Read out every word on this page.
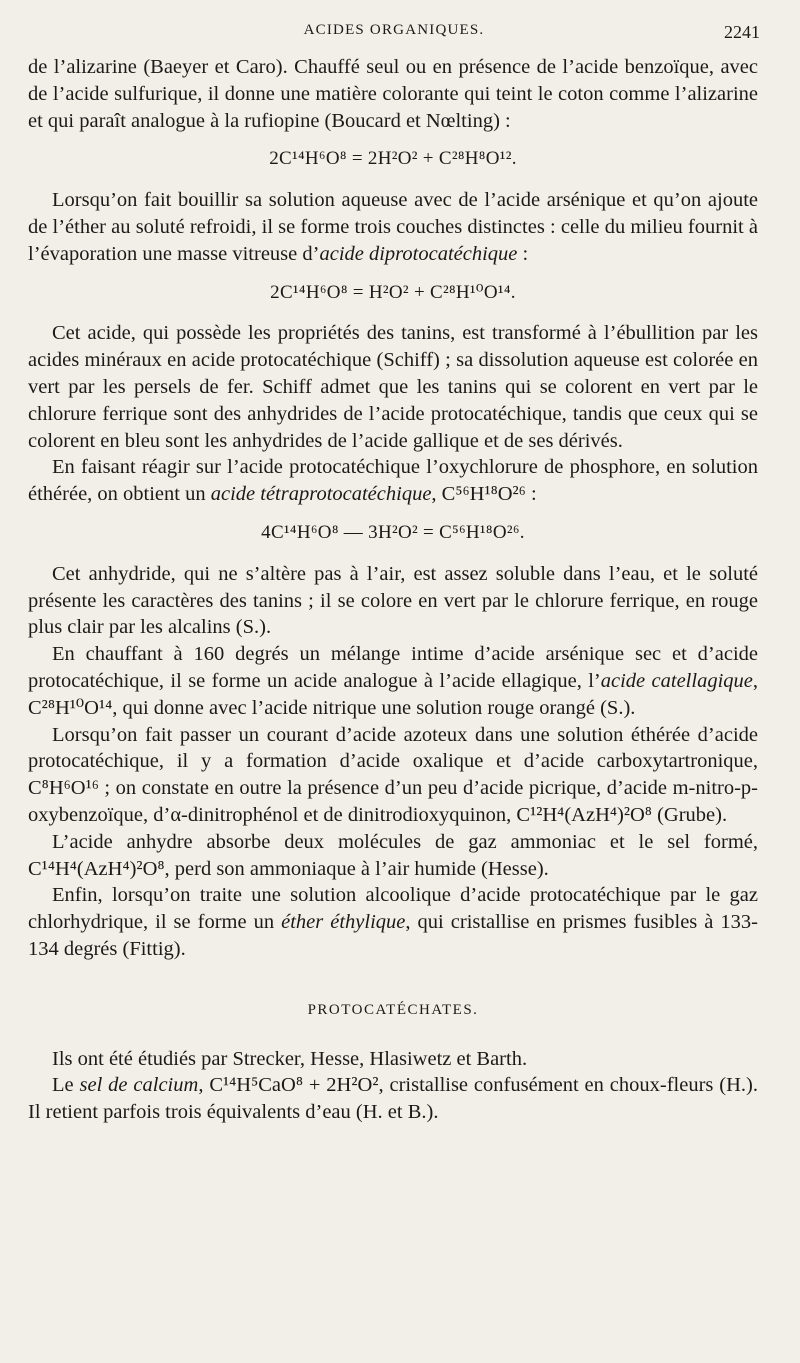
ACIDES ORGANIQUES.	2241

de l’alizarine (Baeyer et Caro). Chauffé seul ou en présence de l’acide benzoïque, avec de l’acide sulfurique, il donne une matière colorante qui teint le coton comme l’alizarine et qui paraît analogue à la rufiopine (Boucard et Nœlting) :

2C¹⁴H⁶O⁸ = 2H²O² + C²⁸H⁸O¹².

Lorsqu’on fait bouillir sa solution aqueuse avec de l’acide arsénique et qu’on ajoute de l’éther au soluté refroidi, il se forme trois couches distinctes : celle du milieu fournit à l’évaporation une masse vitreuse d’acide diprotocatéchique :

2C¹⁴H⁶O⁸ = H²O² + C²⁸H¹⁰O¹⁴.

Cet acide, qui possède les propriétés des tanins, est transformé à l’ébullition par les acides minéraux en acide protocatéchique (Schiff) ; sa dissolution aqueuse est colorée en vert par les persels de fer. Schiff admet que les tanins qui se colorent en vert par le chlorure ferrique sont des anhydrides de l’acide protocatéchique, tandis que ceux qui se colorent en bleu sont les anhydrides de l’acide gallique et de ses dérivés.

En faisant réagir sur l’acide protocatéchique l’oxychlorure de phosphore, en solution éthérée, on obtient un acide tétraprotocatéchique, C⁵⁶H¹⁸O²⁶ :

4C¹⁴H⁶O⁸ — 3H²O² = C⁵⁶H¹⁸O²⁶.

Cet anhydride, qui ne s’altère pas à l’air, est assez soluble dans l’eau, et le soluté présente les caractères des tanins ; il se colore en vert par le chlorure ferrique, en rouge plus clair par les alcalins (S.).

En chauffant à 160 degrés un mélange intime d’acide arsénique sec et d’acide protocatéchique, il se forme un acide analogue à l’acide ellagique, l’acide catellagique, C²⁸H¹⁰O¹⁴, qui donne avec l’acide nitrique une solution rouge orangé (S.).

Lorsqu’on fait passer un courant d’acide azoteux dans une solution éthérée d’acide protocatéchique, il y a formation d’acide oxalique et d’acide carboxytartronique, C⁸H⁶O¹⁶ ; on constate en outre la présence d’un peu d’acide picrique, d’acide m-nitro-p-oxybenzoïque, d’α-dinitrophénol et de dinitrodioxyquinon, C¹²H⁴(AzH⁴)²O⁸ (Grube).

L’acide anhydre absorbe deux molécules de gaz ammoniac et le sel formé, C¹⁴H⁴(AzH⁴)²O⁸, perd son ammoniaque à l’air humide (Hesse).

Enfin, lorsqu’on traite une solution alcoolique d’acide protocatéchique par le gaz chlorhydrique, il se forme un éther éthylique, qui cristallise en prismes fusibles à 133-134 degrés (Fittig).

PROTOCATÉCHATES.

Ils ont été étudiés par Strecker, Hesse, Hlasiwetz et Barth.

Le sel de calcium, C¹⁴H⁵CaO⁸ + 2H²O², cristallise confusément en choux-fleurs (H.). Il retient parfois trois équivalents d’eau (H. et B.).
